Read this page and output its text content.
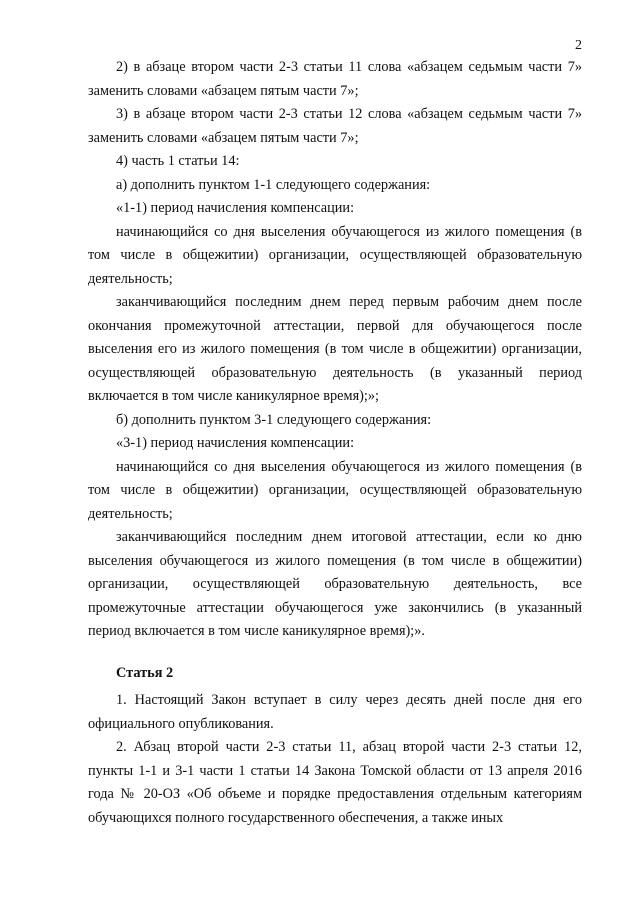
2

2) в абзаце втором части 2-3 статьи 11 слова «абзацем седьмым части 7» заменить словами «абзацем пятым части 7»;

3) в абзаце втором части 2-3 статьи 12 слова «абзацем седьмым части 7» заменить словами «абзацем пятым части 7»;

4) часть 1 статьи 14:

а) дополнить пунктом 1-1 следующего содержания:

«1-1) период начисления компенсации:

начинающийся со дня выселения обучающегося из жилого помещения (в том числе в общежитии) организации, осуществляющей образовательную деятельность;

заканчивающийся последним днем перед первым рабочим днем после окончания промежуточной аттестации, первой для обучающегося после выселения его из жилого помещения (в том числе в общежитии) организации, осуществляющей образовательную деятельность (в указанный период включается в том числе каникулярное время);»;

б) дополнить пунктом 3-1 следующего содержания:

«3-1) период начисления компенсации:

начинающийся со дня выселения обучающегося из жилого помещения (в том числе в общежитии) организации, осуществляющей образовательную деятельность;

заканчивающийся последним днем итоговой аттестации, если ко дню выселения обучающегося из жилого помещения (в том числе в общежитии) организации, осуществляющей образовательную деятельность, все промежуточные аттестации обучающегося уже закончились (в указанный период включается в том числе каникулярное время);».

Статья 2

1. Настоящий Закон вступает в силу через десять дней после дня его официального опубликования.

2. Абзац второй части 2-3 статьи 11, абзац второй части 2-3 статьи 12, пункты 1-1 и 3-1 части 1 статьи 14 Закона Томской области от 13 апреля 2016 года № 20-ОЗ «Об объеме и порядке предоставления отдельным категориям обучающихся полного государственного обеспечения, а также иных
